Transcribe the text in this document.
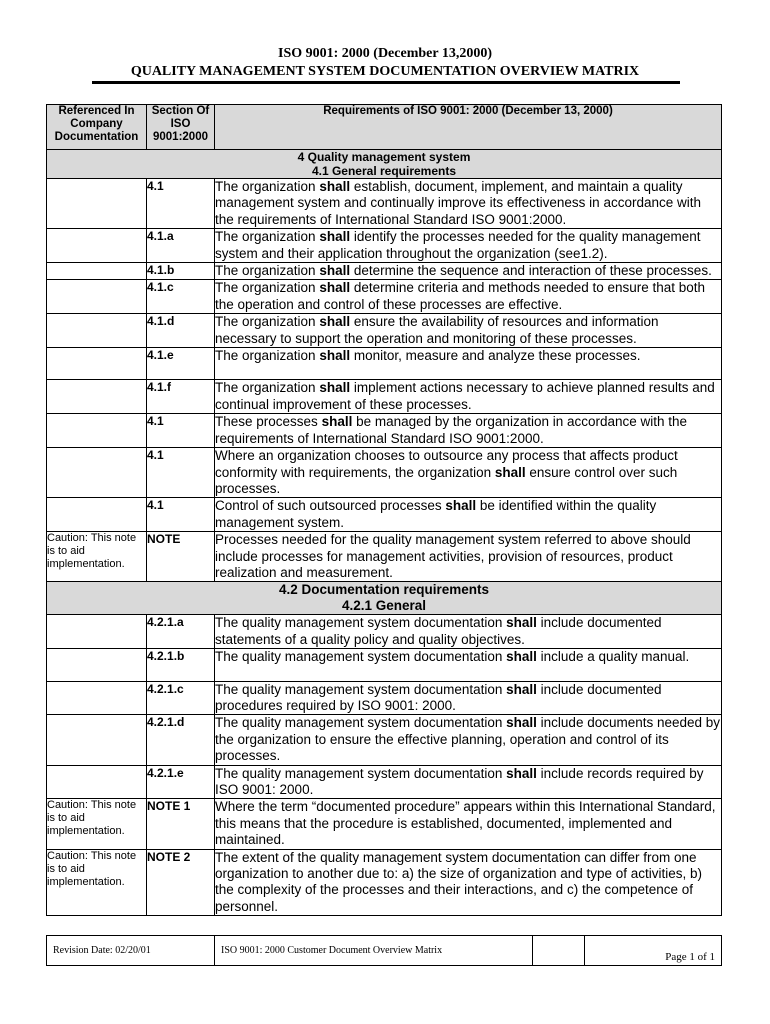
ISO 9001: 2000 (December 13,2000)
QUALITY MANAGEMENT SYSTEM DOCUMENTATION OVERVIEW MATRIX
Referenced In Company Documentation	Section Of ISO 9001:2000	Requirements of ISO 9001: 2000 (December 13, 2000)

4 Quality management system
4.1 General requirements		

	4.1	The organization shall establish, document, implement, and maintain a quality management system and continually improve its effectiveness in accordance with the requirements of International Standard ISO 9001:2000.
	4.1.a	The organization shall identify the processes needed for the quality management system and their application throughout the organization (see1.2).
	4.1.b	The organization shall determine the sequence and interaction of these processes.
	4.1.c	The organization shall determine criteria and methods needed to ensure that both the operation and control of these processes are effective.
	4.1.d	The organization shall ensure the availability of resources and information necessary to support the operation and monitoring of these processes.
	4.1.e	The organization shall monitor, measure and analyze these processes.
	4.1.f	The organization shall implement actions necessary to achieve planned results and continual improvement of these processes.
	4.1	These processes shall be managed by the organization in accordance with the requirements of International Standard ISO 9001:2000.
	4.1	Where an organization chooses to outsource any process that affects product conformity with requirements, the organization shall ensure control over such processes.
	4.1	Control of such outsourced processes shall be identified within the quality management system.
Caution: This note is to aid implementation.	NOTE	Processes needed for the quality management system referred to above should include processes for management activities, provision of resources, product realization and measurement.

4.2 Documentation requirements
4.2.1 General		

	4.2.1.a	The quality management system documentation shall include documented statements of a quality policy and quality objectives.
	4.2.1.b	The quality management system documentation shall include a quality manual.
	4.2.1.c	The quality management system documentation shall include documented procedures required by ISO 9001: 2000.
	4.2.1.d	The quality management system documentation shall include documents needed by the organization to ensure the effective planning, operation and control of its processes.
	4.2.1.e	The quality management system documentation shall include records required by ISO 9001: 2000.
Caution: This note is to aid implementation.	NOTE 1	Where the term “documented procedure” appears within this International Standard, this means that the procedure is established, documented, implemented and maintained.
Caution: This note is to aid implementation.	NOTE 2	The extent of the quality management system documentation can differ from one organization to another due to: a) the size of organization and type of activities, b) the complexity of the processes and their interactions, and c) the competence of personnel.
Revision Date: 02/20/01	ISO 9001: 2000 Customer Document Overview Matrix		Page 1 of 1
